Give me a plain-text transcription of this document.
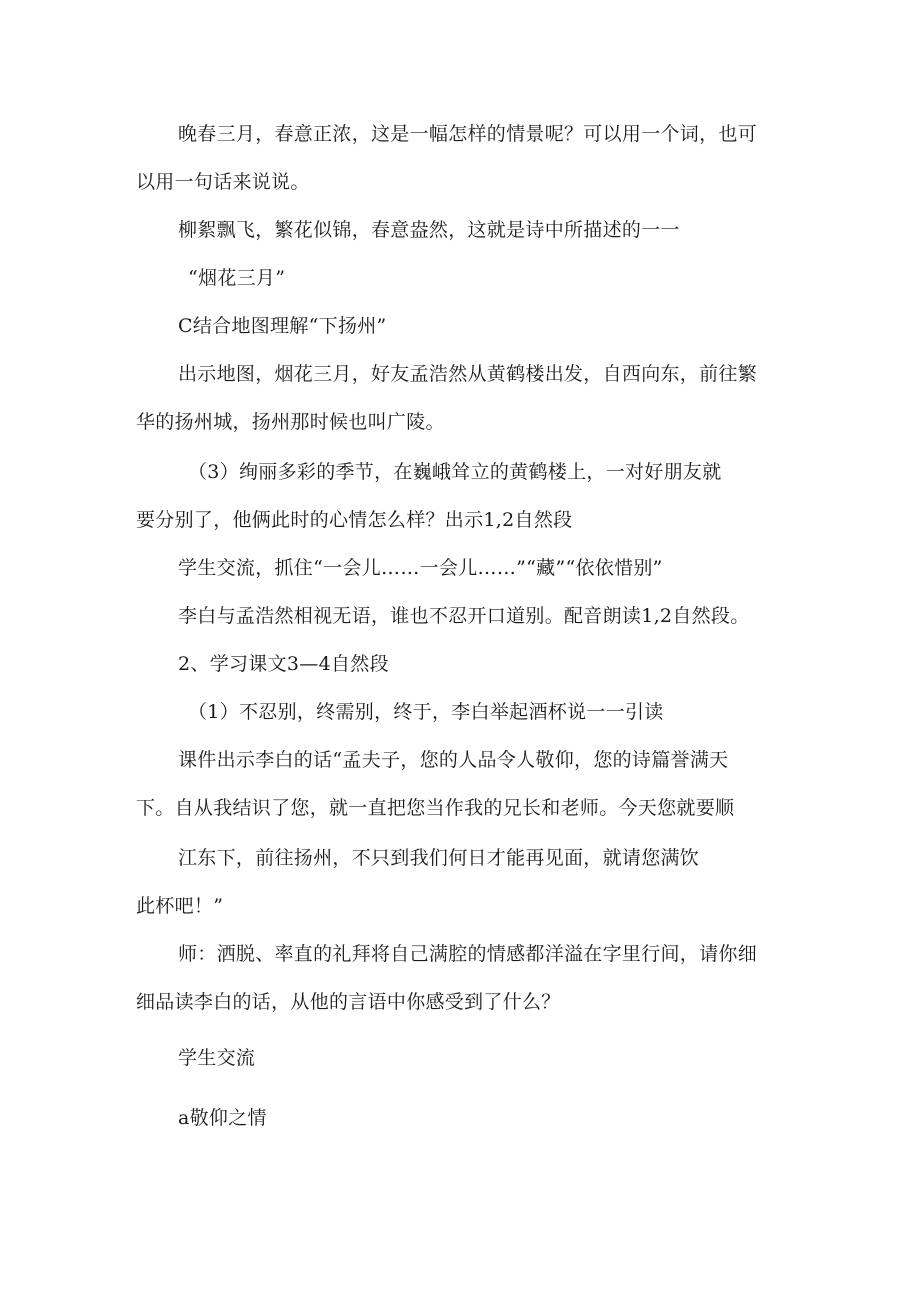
晚春三月，春意正浓，这是一幅怎样的情景呢？可以用一个词，也可
以用一句话来说说。
柳絮飘飞，繁花似锦，春意盎然，这就是诗中所描述的一一
“烟花三月”
C结合地图理解“下扬州”
出示地图，烟花三月，好友孟浩然从黄鹤楼出发，自西向东，前往繁
华的扬州城，扬州那时候也叫广陵。
（3）绚丽多彩的季节，在巍峨耸立的黄鹤楼上，一对好朋友就
要分别了，他俩此时的心情怎么样？出示1,2自然段
学生交流，抓住“一会儿……一会儿……”“藏”“依依惜别”
李白与孟浩然相视无语，谁也不忍开口道别。配音朗读1,2自然段。
2、学习课文3—4自然段
（1）不忍别，终需别，终于，李白举起酒杯说一一引读
课件出示李白的话“孟夫子，您的人品令人敬仰，您的诗篇誉满天
下。自从我结识了您，就一直把您当作我的兄长和老师。今天您就要顺
江东下，前往扬州，不只到我们何日才能再见面，就请您满饮
此杯吧！”
师：洒脱、率直的礼拜将自己满腔的情感都洋溢在字里行间，请你细
细品读李白的话，从他的言语中你感受到了什么？
学生交流
a敬仰之情
